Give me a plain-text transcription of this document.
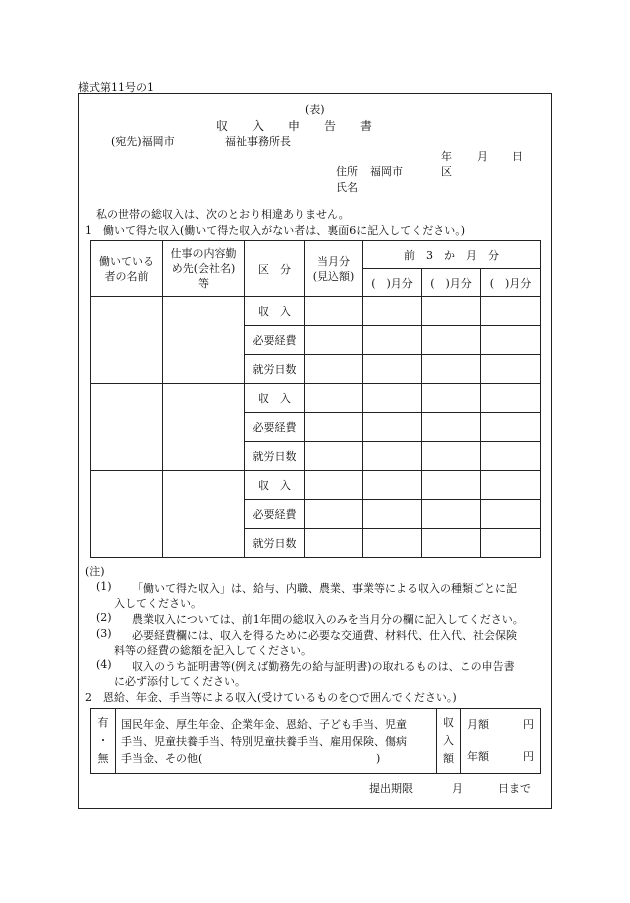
様式第11号の1
(表)
収　　入　　申　　告　　書
(宛先)福岡市	福祉事務所長
年 月 日
住所 福岡市	区
氏名
私の世帯の総収入は、次のとおり相違ありません。
1　働いて得た収入(働いて得た収入がない者は、裏面6に記入してください。)
働いている者の名前	仕事の内容勤め先(会社名)等	区　分	当月分(見込額)	前　3　か　月　分		
				(　)月分	(　)月分	(　)月分
		収　入				
		必要経費				
		就労日数				
		収　入				
		必要経費				
		就労日数				
		収　入				
		必要経費				
		就労日数				
(注)
(1) 「働いて得た収入」は、給与、内職、農業、事業等による収入の種類ごとに記
入してください。
(2) 農業収入については、前1年間の総収入のみを当月分の欄に記入してください。
(3) 必要経費欄には、収入を得るために必要な交通費、材料代、仕入代、社会保険
料等の経費の総額を記入してください。
(4) 収入のうち証明書等(例えば勤務先の給与証明書)の取れるものは、この申告書
に必ず添付してください。
2　恩給、年金、手当等による収入(受けているものを○で囲んでください。)
有
・
無

国民年金、厚生年金、企業年金、恩給、子ども手当、児童
手当、児童扶養手当、特別児童扶養手当、雇用保険、傷病
手当金、その他(	)

収
入
額

月額	円
年額	円
提出期限	月	日まで
